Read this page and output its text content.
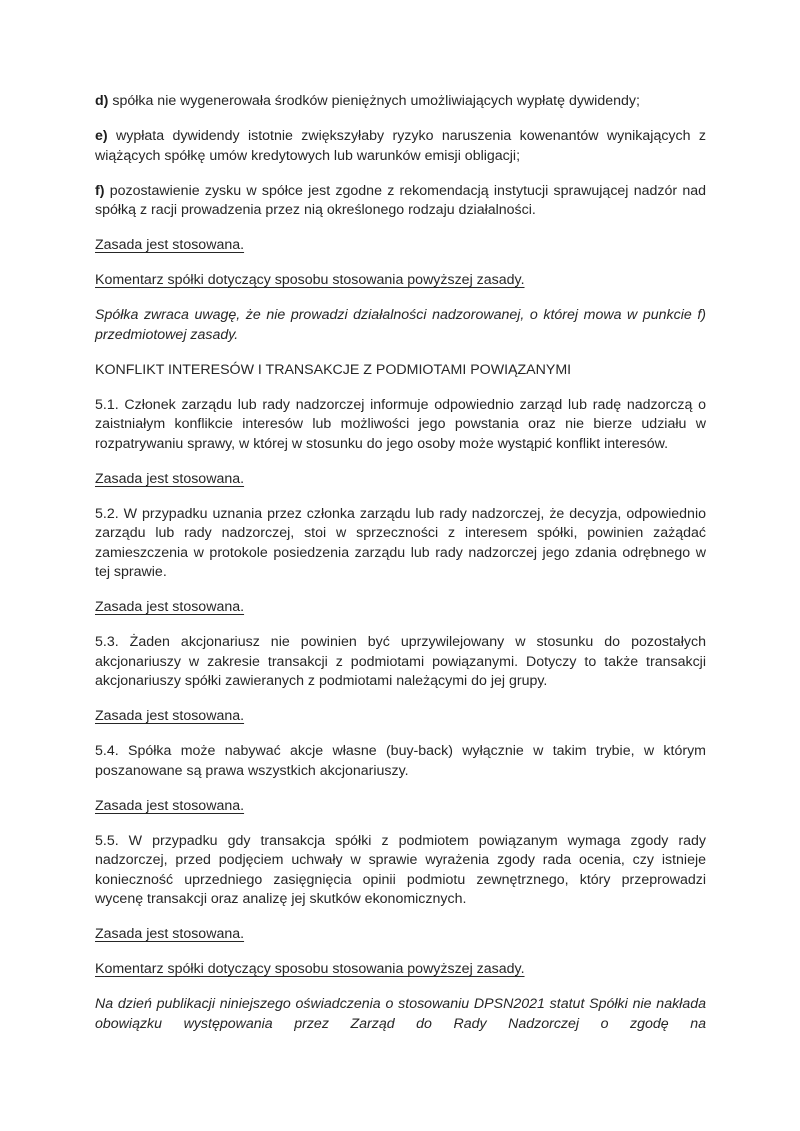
d) spółka nie wygenerowała środków pieniężnych umożliwiających wypłatę dywidendy;

e) wypłata dywidendy istotnie zwiększyłaby ryzyko naruszenia kowenantów wynikających z wiążących spółkę umów kredytowych lub warunków emisji obligacji;

f) pozostawienie zysku w spółce jest zgodne z rekomendacją instytucji sprawującej nadzór nad spółką z racji prowadzenia przez nią określonego rodzaju działalności.

Zasada jest stosowana.

Komentarz spółki dotyczący sposobu stosowania powyższej zasady.

Spółka zwraca uwagę, że nie prowadzi działalności nadzorowanej, o której mowa w punkcie f) przedmiotowej zasady.

KONFLIKT INTERESÓW I TRANSAKCJE Z PODMIOTAMI POWIĄZANYMI

5.1. Członek zarządu lub rady nadzorczej informuje odpowiednio zarząd lub radę nadzorczą o zaistniałym konflikcie interesów lub możliwości jego powstania oraz nie bierze udziału w rozpatrywaniu sprawy, w której w stosunku do jego osoby może wystąpić konflikt interesów.

Zasada jest stosowana.

5.2. W przypadku uznania przez członka zarządu lub rady nadzorczej, że decyzja, odpowiednio zarządu lub rady nadzorczej, stoi w sprzeczności z interesem spółki, powinien zażądać zamieszczenia w protokole posiedzenia zarządu lub rady nadzorczej jego zdania odrębnego w tej sprawie.

Zasada jest stosowana.

5.3. Żaden akcjonariusz nie powinien być uprzywilejowany w stosunku do pozostałych akcjonariuszy w zakresie transakcji z podmiotami powiązanymi. Dotyczy to także transakcji akcjonariuszy spółki zawieranych z podmiotami należącymi do jej grupy.

Zasada jest stosowana.

5.4. Spółka może nabywać akcje własne (buy-back) wyłącznie w takim trybie, w którym poszanowane są prawa wszystkich akcjonariuszy.

Zasada jest stosowana.

5.5. W przypadku gdy transakcja spółki z podmiotem powiązanym wymaga zgody rady nadzorczej, przed podjęciem uchwały w sprawie wyrażenia zgody rada ocenia, czy istnieje konieczność uprzedniego zasięgnięcia opinii podmiotu zewnętrznego, który przeprowadzi wycenę transakcji oraz analizę jej skutków ekonomicznych.

Zasada jest stosowana.

Komentarz spółki dotyczący sposobu stosowania powyższej zasady.

Na dzień publikacji niniejszego oświadczenia o stosowaniu DPSN2021 statut Spółki nie nakłada obowiązku występowania przez Zarząd do Rady Nadzorczej o zgodę na
